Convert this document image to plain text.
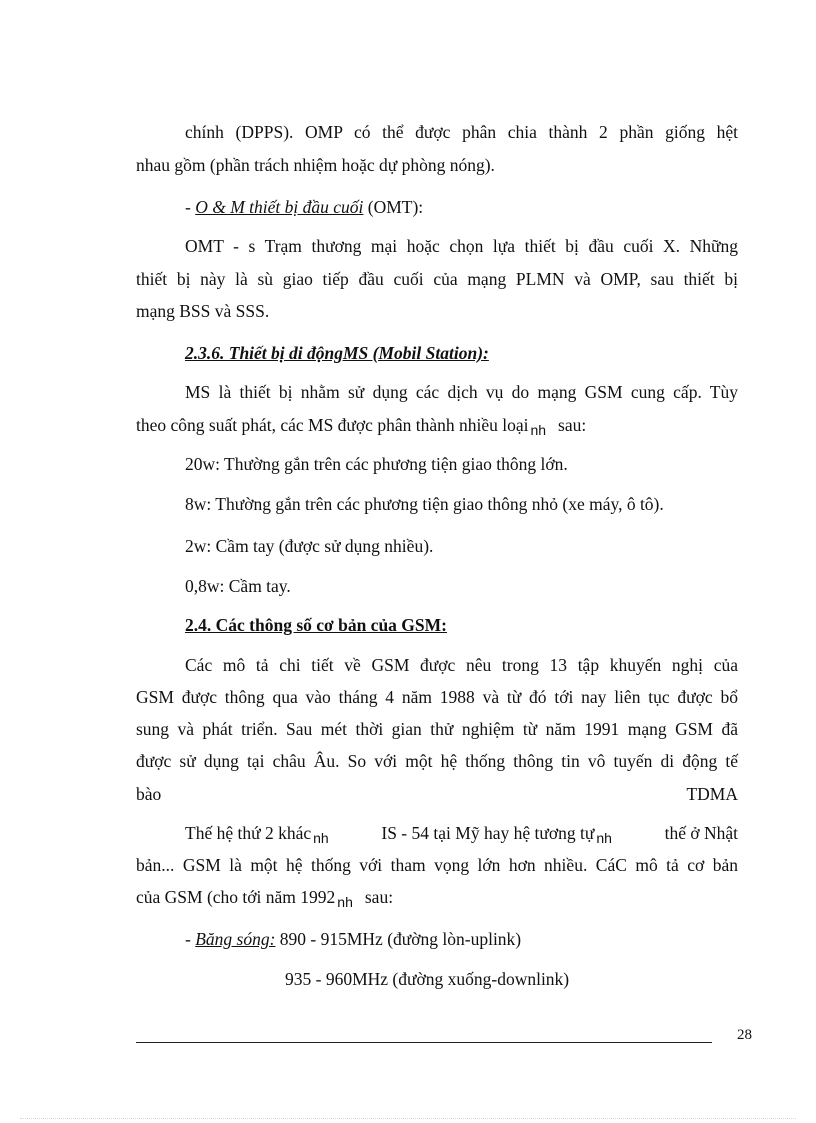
chính (DPPS). OMP có thể được phân chia thành 2 phần giống hệt
nhau gồm (phần trách nhiệm hoặc dự phòng nóng).
- O & M thiết bị đầu cuối (OMT):
OMT - s Trạm thương mại hoặc chọn lựa thiết bị đầu cuối X. Những
thiết bị này là sù giao tiếp đầu cuối của mạng PLMN và OMP, sau thiết bị
mạng BSS và SSS.
2.3.6. Thiết bị di độngMS (Mobil Station):
MS là thiết bị nhằm sử dụng các dịch vụ do mạng GSM cung cấp. Tùy
theo công suất phát, các MS được phân thành nhiều loại $_{nh}$ sau:
20w: Thường gắn trên các phương tiện giao thông lớn.
8w: Thường gắn trên các phương tiện giao thông nhỏ (xe máy, ô tô).
2w: Cầm tay (được sử dụng nhiều).
0,8w: Cầm tay.
2.4. Các thông số cơ bản của GSM:
Các mô tả chi tiết về GSM được nêu trong 13 tập khuyến nghị của
GSM được thông qua vào tháng 4 năm 1988 và từ đó tới nay liên tục được bổ
sung và phát triển. Sau mét thời gian thử nghiệm từ năm 1991 mạng GSM đã
được sử dụng tại châu Âu. So với một hệ thống thông tin vô tuyến di động tế
bào	TDMA
Thế hệ thứ 2 khác $_{nh}$	IS - 54 tại Mỹ hay hệ tương tự $_{nh}$	thế ở Nhật
bản... GSM là một hệ thống với tham vọng lớn hơn nhiều. CáC mô tả cơ bản
của GSM (cho tới năm 1992 $_{nh}$ sau:
- Băng sóng: 890 - 915MHz (đường lòn-uplink)
935 - 960MHz (đường xuống-downlink)
28
